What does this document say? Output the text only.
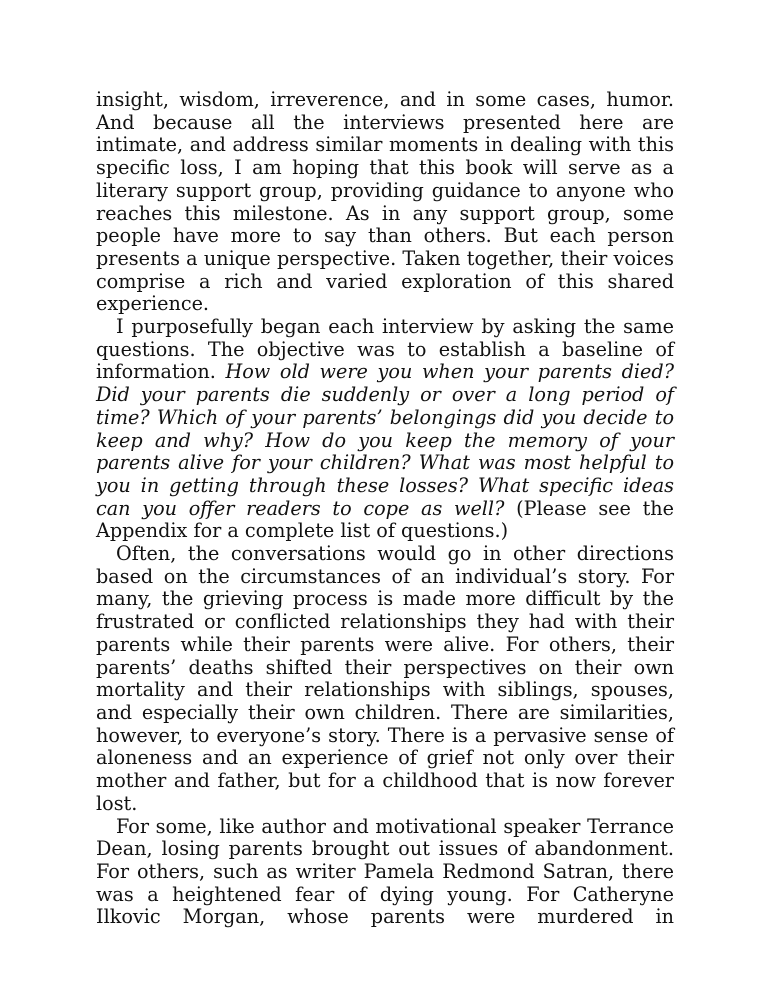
insight, wisdom, irreverence, and in some cases, humor. And because all the interviews presented here are intimate, and address similar moments in dealing with this specific loss, I am hoping that this book will serve as a literary support group, providing guidance to anyone who reaches this milestone. As in any support group, some people have more to say than others. But each person presents a unique perspective. Taken together, their voices comprise a rich and varied exploration of this shared experience.

I purposefully began each interview by asking the same questions. The objective was to establish a baseline of information. How old were you when your parents died? Did your parents die suddenly or over a long period of time? Which of your parents’ belongings did you decide to keep and why? How do you keep the memory of your parents alive for your children? What was most helpful to you in getting through these losses? What specific ideas can you offer readers to cope as well? (Please see the Appendix for a complete list of questions.)

Often, the conversations would go in other directions based on the circumstances of an individual’s story. For many, the grieving process is made more difficult by the frustrated or conflicted relationships they had with their parents while their parents were alive. For others, their parents’ deaths shifted their perspectives on their own mortality and their relationships with siblings, spouses, and especially their own children. There are similarities, however, to everyone’s story. There is a pervasive sense of aloneness and an experience of grief not only over their mother and father, but for a childhood that is now forever lost.

For some, like author and motivational speaker Terrance Dean, losing parents brought out issues of abandonment. For others, such as writer Pamela Redmond Satran, there was a heightened fear of dying young. For Catheryne Ilkovic Morgan, whose parents were murdered in
